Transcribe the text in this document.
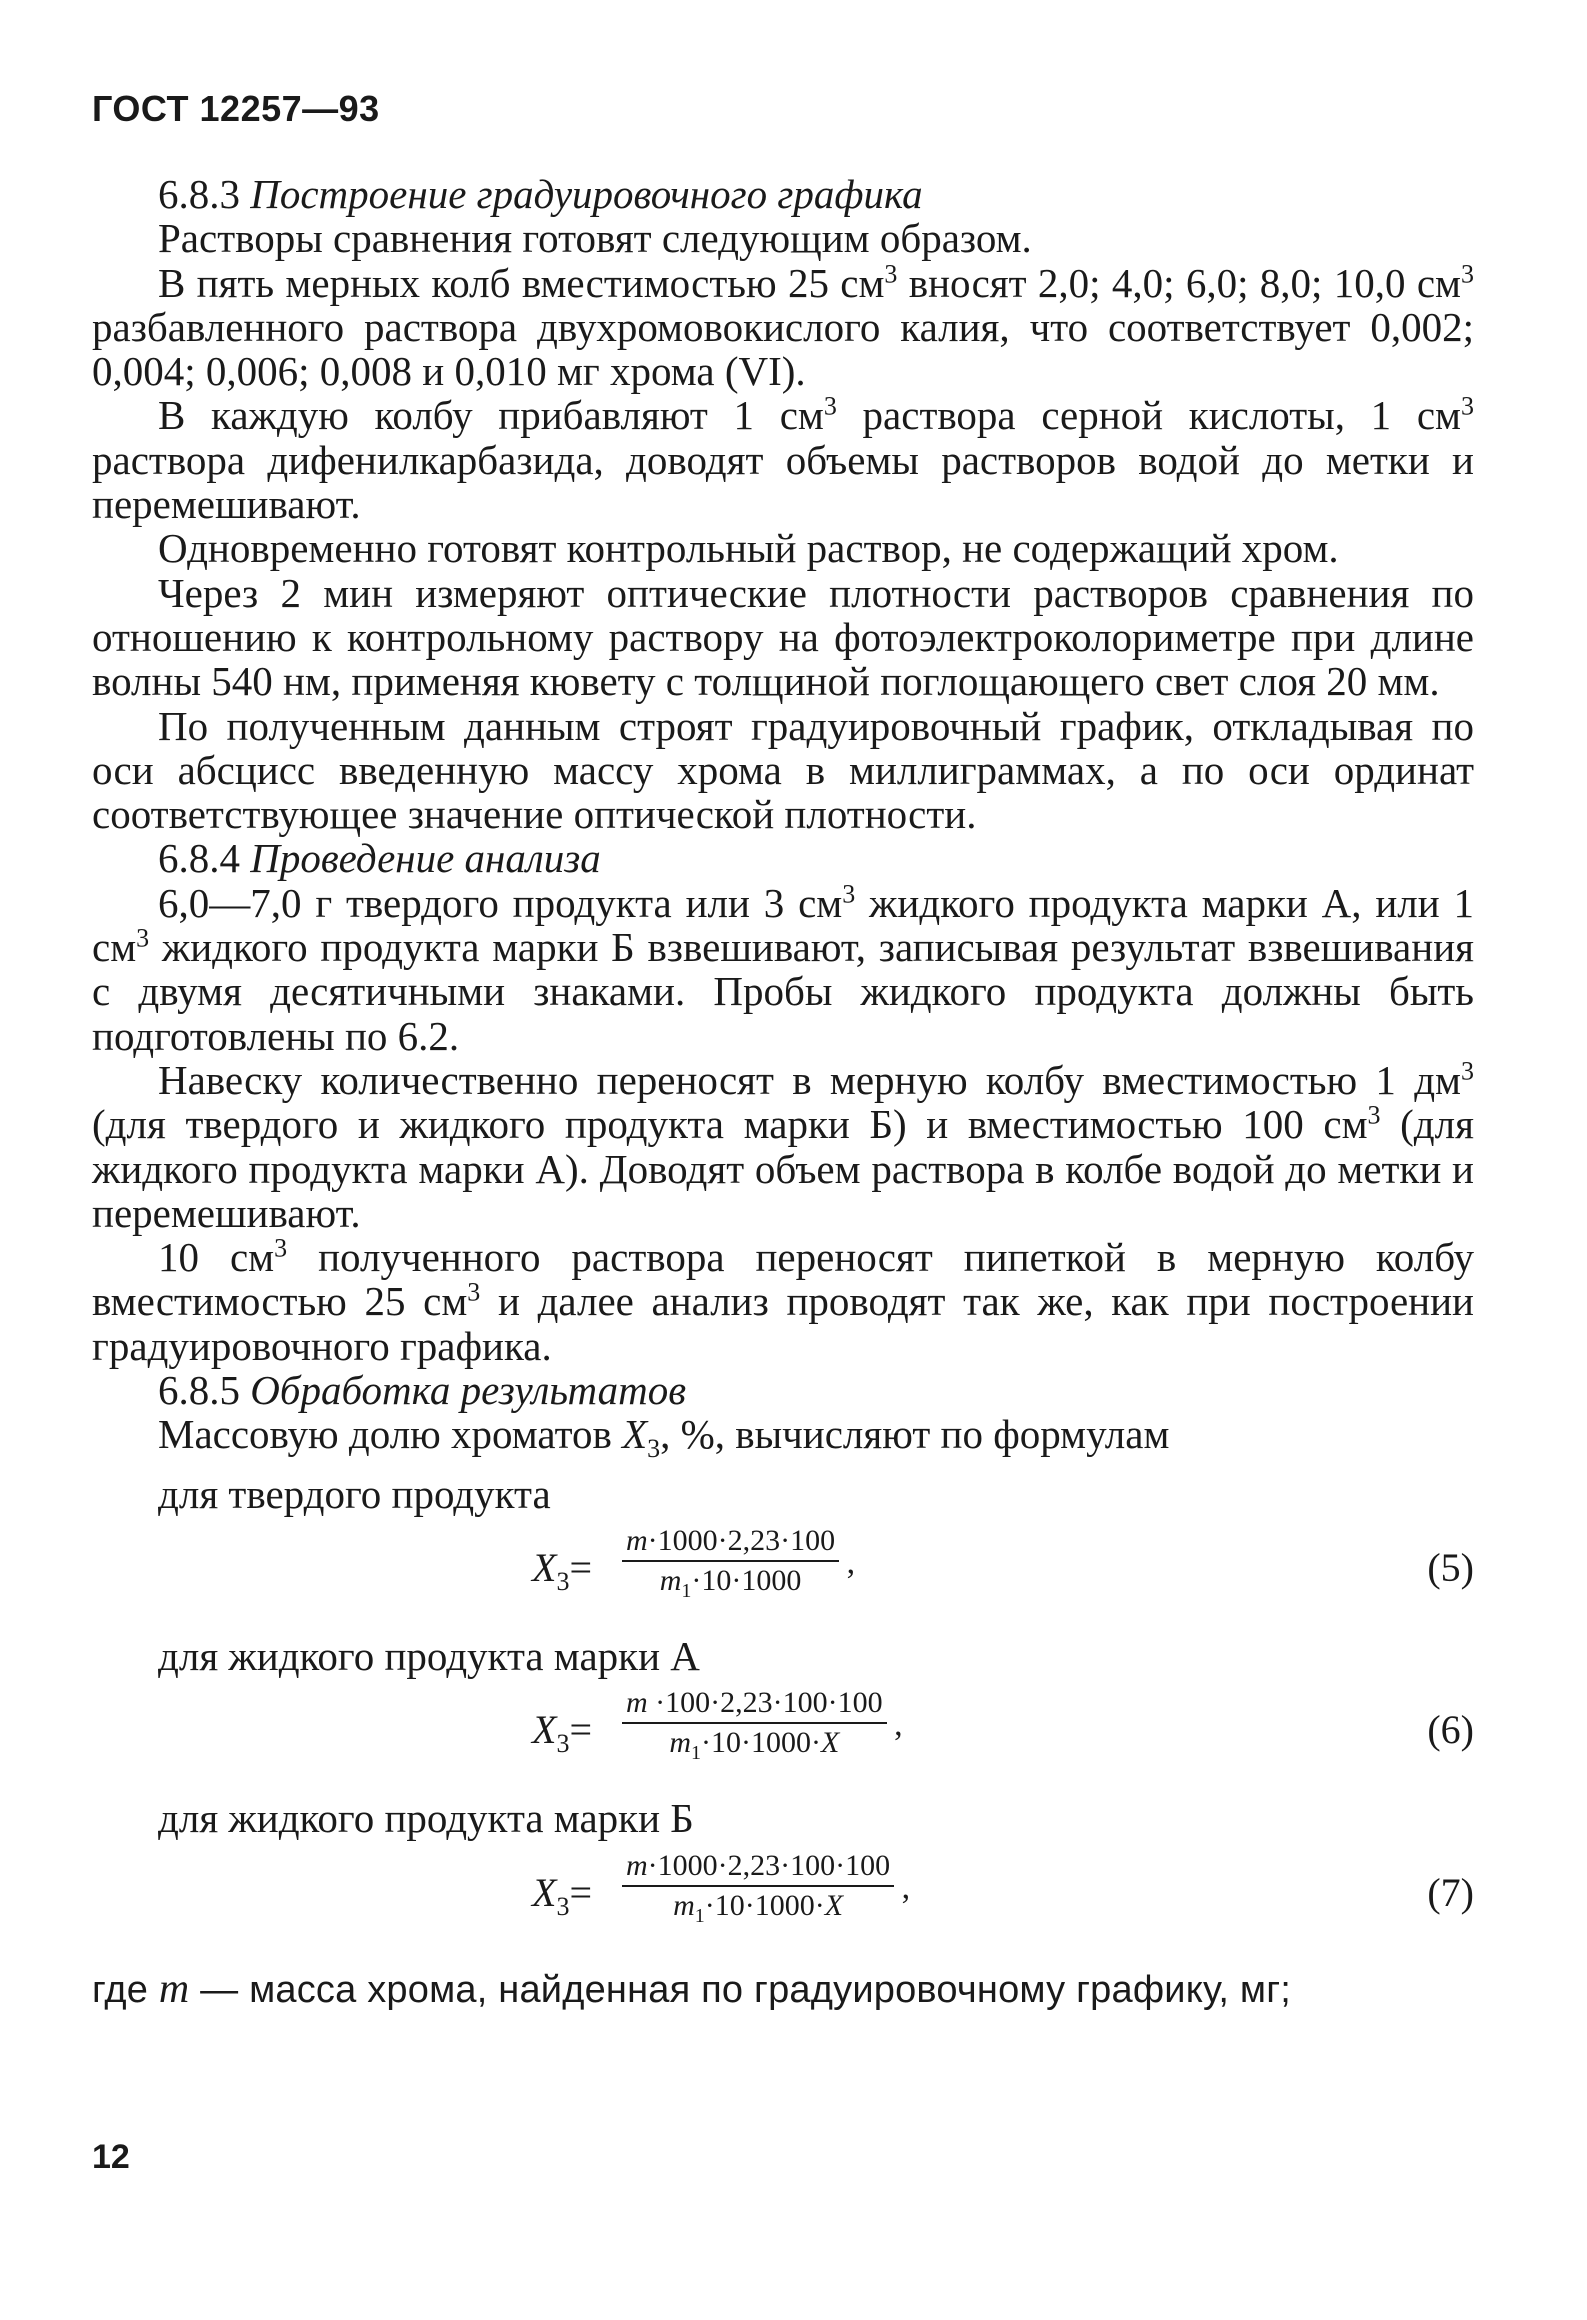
ГОСТ 12257—93

6.8.3 Построение градуировочного графика

Растворы сравнения готовят следующим образом.

В пять мерных колб вместимостью 25 $см^3$ вносят 2,0; 4,0; 6,0; 8,0; 10,0 $см^3$ разбавленного раствора двухромовокислого калия, что соответствует 0,002; 0,004; 0,006; 0,008 и 0,010 мг хрома (VI).

В каждую колбу прибавляют 1 $см^3$ раствора серной кислоты, 1 $см^3$ раствора дифенилкарбазида, доводят объемы растворов водой до метки и перемешивают.

Одновременно готовят контрольный раствор, не содержащий хром.

Через 2 мин измеряют оптические плотности растворов сравнения по отношению к контрольному раствору на фотоэлектроколориметре при длине волны 540 нм, применяя кювету с толщиной поглощающего свет слоя 20 мм.

По полученным данным строят градуировочный график, откладывая по оси абсцисс введенную массу хрома в миллиграммах, а по оси ординат соответствующее значение оптической плотности.

6.8.4 Проведение анализа

6,0—7,0 г твердого продукта или 3 $см^3$ жидкого продукта марки А, или 1 $см^3$ жидкого продукта марки Б взвешивают, записывая результат взвешивания с двумя десятичными знаками. Пробы жидкого продукта должны быть подготовлены по 6.2.

Навеску количественно переносят в мерную колбу вместимостью 1 $дм^3$ (для твердого и жидкого продукта марки Б) и вместимостью 100 $см^3$ (для жидкого продукта марки А). Доводят объем раствора в колбе водой до метки и перемешивают.

10 $см^3$ полученного раствора переносят пипеткой в мерную колбу вместимостью 25 $см^3$ и далее анализ проводят так же, как при построении градуировочного графика.

6.8.5 Обработка результатов

Массовую долю хроматов $X_3$, %, вычисляют по формулам

для твердого продукта

$X_3=$
m·1000·2,23·100
$m_1\cdot 10\cdot 1000$	,	(5)

для жидкого продукта марки А

$X_3=$
m ·100·2,23·100·100
$m_1\cdot 10\cdot 1000\cdot X$	,	(6)

для жидкого продукта марки Б

$X_3=$
m·1000·2,23·100·100
$m_1\cdot 10\cdot 1000\cdot X$	,	(7)

где m — масса хрома, найденная по градуировочному графику, мг;

12
